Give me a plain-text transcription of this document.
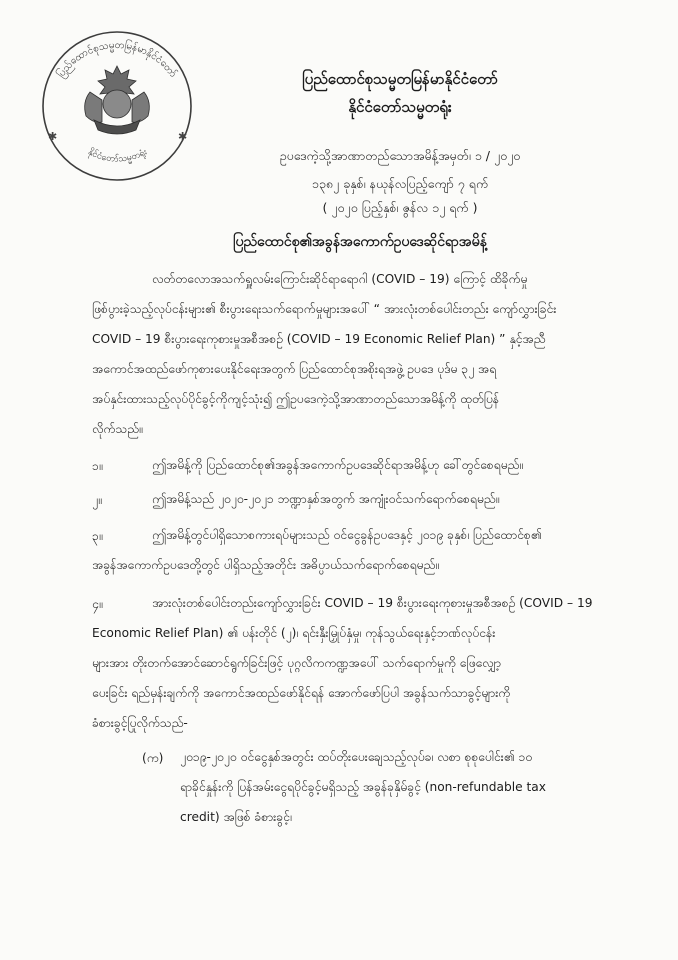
ပြည်ထောင်စုသမ္မတမြန်မာနိုင်ငံတော်
နိုင်ငံတော်သမ္မတရုံး
✱	✱
ပြည်ထောင်စုသမ္မတမြန်မာနိုင်ငံတော်
နိုင်ငံတော်သမ္မတရုံး
ဥပဒေကဲ့သို့အာဏာတည်သောအမိန့်အမှတ်၊ ၁ / ၂၀၂၀
၁၃၈၂ ခုနှစ်၊ နယုန်လပြည့်ကျော် ၇ ရက်
( ၂၀၂၀ ပြည့်နှစ်၊ ဇွန်လ ၁၂ ရက် )
ပြည်ထောင်စု၏အခွန်အကောက်ဥပဒေဆိုင်ရာအမိန့်
လတ်တလောအသက်ရှူလမ်းကြောင်းဆိုင်ရာရောဂါ (COVID – 19) ကြောင့် ထိခိုက်မှု
ဖြစ်ပွားခဲ့သည့်လုပ်ငန်းများ၏ စီးပွားရေးသက်ရောက်မှုများအပေါ် “ အားလုံးတစ်ပေါင်းတည်း ကျော်လွှားခြင်း
COVID – 19 စီးပွားရေးကုစားမှုအစီအစဉ် (COVID – 19 Economic Relief Plan) ” နှင့်အညီ
အကောင်အထည်ဖော်ကုစားပေးနိုင်ရေးအတွက် ပြည်ထောင်စုအစိုးရအဖွဲ့ ဥပဒေ ပုဒ်မ ၃၂ အရ
အပ်နှင်းထားသည့်လုပ်ပိုင်ခွင့်ကိုကျင့်သုံး၍ ဤဥပဒေကဲ့သို့အာဏာတည်သောအမိန့်ကို ထုတ်ပြန်
လိုက်သည်။
၁။	ဤအမိန့်ကို ပြည်ထောင်စု၏အခွန်အကောက်ဥပဒေဆိုင်ရာအမိန့်ဟု ခေါ်တွင်စေရမည်။
၂။	ဤအမိန့်သည် ၂၀၂၀-၂၀၂၁ ဘဏ္ဍာနှစ်အတွက် အကျုံးဝင်သက်ရောက်စေရမည်။
၃။	ဤအမိန့်တွင်ပါရှိသောစကားရပ်များသည် ဝင်ငွေခွန်ဥပဒေနှင့် ၂၀၁၉ ခုနှစ်၊ ပြည်ထောင်စု၏
အခွန်အကောက်ဥပဒေတို့တွင် ပါရှိသည့်အတိုင်း အဓိပ္ပာယ်သက်ရောက်စေရမည်။
၄။	အားလုံးတစ်ပေါင်းတည်းကျော်လွှားခြင်း COVID – 19 စီးပွားရေးကုစားမှုအစီအစဉ် (COVID – 19
Economic Relief Plan) ၏ ပန်းတိုင် (၂)၊ ရင်းနှီးမြှုပ်နှံမှု၊ ကုန်သွယ်ရေးနှင့်ဘဏ်လုပ်ငန်း
များအား တိုးတက်အောင်ဆောင်ရွက်ခြင်းဖြင့် ပုဂ္ဂလိကကဏ္ဍအပေါ် သက်ရောက်မှုကို ဖြေလျှော့
ပေးခြင်း ရည်မှန်းချက်ကို အကောင်အထည်ဖော်နိုင်ရန် အောက်ဖော်ပြပါ အခွန်သက်သာခွင့်များကို
ခံစားခွင့်ပြုလိုက်သည်-
(က) ၂၀၁၉-၂၀၂၀ ဝင်ငွေနှစ်အတွင်း ထပ်တိုးပေးချေသည့်လုပ်ခ၊ လစာ စုစုပေါင်း၏ ၁၀
ရာခိုင်နှုန်းကို ပြန်အမ်းငွေရပိုင်ခွင့်မရှိသည့် အခွန်ခုနှိမ်ခွင့် (non-refundable tax
credit) အဖြစ် ခံစားခွင့်၊
